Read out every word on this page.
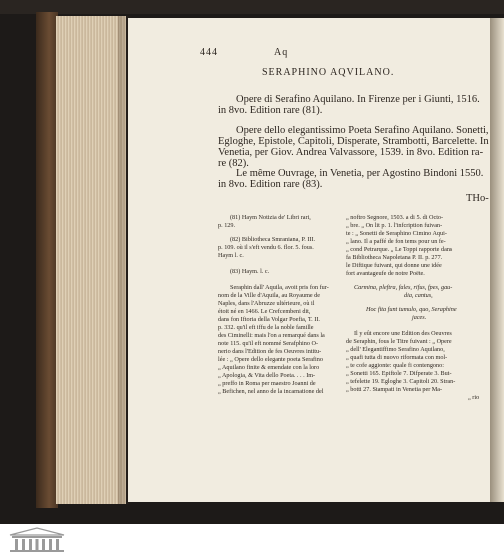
444	Aq
SERAPHINO AQVILANO.
Opere di Serafino Aquilano. In Firenze per i Giunti, 1516.
in 8vo. Edition rare (81).
Opere dello elegantissimo Poeta Serafino Aquilano. Sonetti,
Egloghe, Epistole, Capitoli, Disperate, Strambotti, Barcelette. In
Venetia, per Giov. Andrea Valvassore, 1539. in 8vo. Edition ra-
re (82).
Le même Ouvrage, in Venetia, per Agostino Bindoni 1550.
in 8vo. Edition rare (83).
THo-
(81) Haym Notizia de' Libri rari,
p. 129.
(82) Bibliotheca Smraniana, P. III.
p. 109. où il s'eft vendu 6. flor. 5. fous.
Haym l. c.
(83) Haym. l. c.
Seraphin dall' Aquila, avoit pris fon fur-
nom de la Ville d'Aquila, au Royaume de
Naples, dans l'Abruzze ultérieure, où il
étoit né en 1466. Le Crefcembeni dit,
dans fon Iftoria della Volgar Poefia, T. II.
p. 332. qu'il eft iffu de la noble famille
des Ciminelli: mais l'on a remarqué dans la
note 115. qu'il eft nommé Serafphino O-
nerio dans l'Edition de fes Oeuvres intitu-
lée : „ Opere dello elegante poeta Serafino
„ Aquilano finite & emendate con la loro
„ Apologia, & Vita dello Poeta. . . . Im-
„ preffo in Roma per maestro Joanni de
„ Befichen, nel anno de la incarnatione del
„ noftro Segnore, 1503. a di 5. di Octo-
„ bre. „ On lit p. 1. l'infcription fuivan-
te : „ Sonetti de Seraphino Cimino Aqui-
„ lano. Il a paffé de fon tems pour un fe-
„ cond Petrarque. „ Le Toppi rapporte dans
fa Bibliotheca Napoletana P. II. p. 277.
le Diftique fuivant, qui donne une idée
fort avantageufe de notre Poëte.
Carmina, pleftra, fales, rifus, fpes, gau-
dia, cantus,
Hoc fita funt tumulo, quo, Seraphine
jaces.
Il y eût encore une Edition des Oeuvres
de Seraphin, fous le Titre fuivant : „ Opere
„ dell' Elegantiffimo Serafino Aquilano,
„ quafi tutta di nuovo riformata con mol-
„ te cofe aggionte: quale fi contengono:
„ Sonetti 165. Epiftole 7. Difperate 3. But-
„ tefelette 19. Egloghe 3. Capitoli 20. Stran-
„ botti 27. Stampati in Venetia per Ma-
„ rio
